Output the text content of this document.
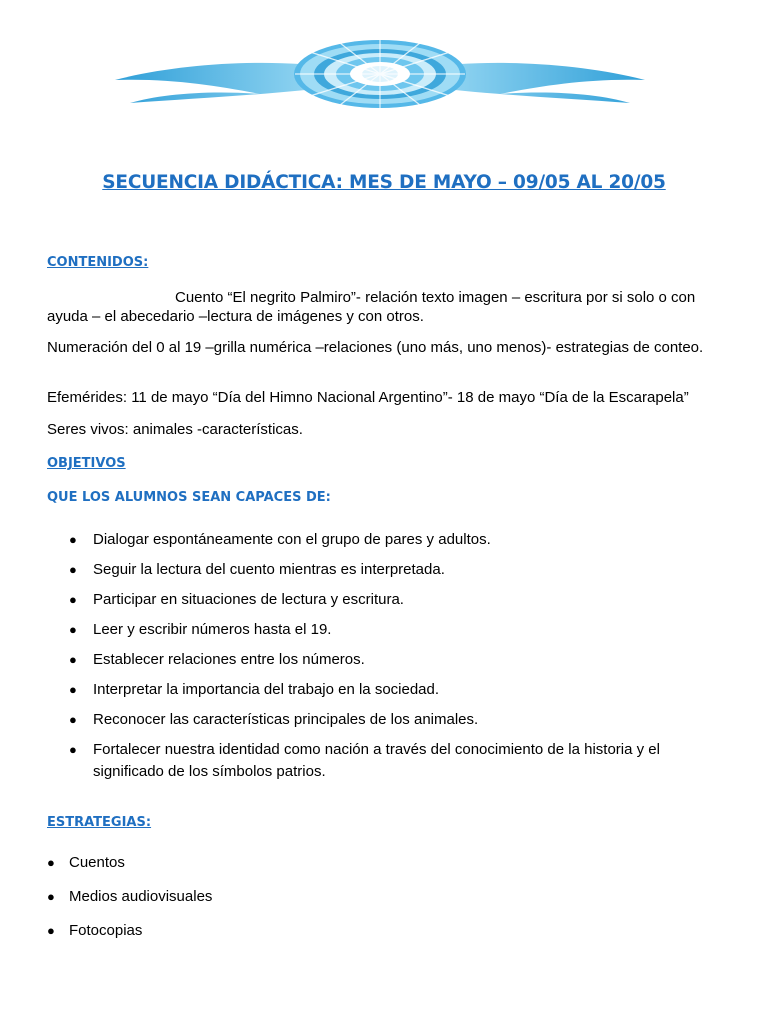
SECUENCIA DIDÁCTICA: MES DE MAYO – 09/05 AL 20/05
CONTENIDOS:
Cuento “El negrito Palmiro”- relación texto imagen – escritura por si solo o con ayuda – el abecedario –lectura de imágenes y con otros.
Numeración del 0 al 19 –grilla numérica –relaciones (uno más, uno menos)- estrategias de conteo.
Efemérides: 11 de mayo “Día del Himno Nacional Argentino”- 18 de mayo “Día de la Escarapela”
Seres vivos: animales -características.
OBJETIVOS
QUE LOS ALUMNOS SEAN CAPACES DE:
● Dialogar espontáneamente con el grupo de pares y adultos.
● Seguir la lectura del cuento mientras es interpretada.
● Participar en situaciones de lectura y escritura.
● Leer y escribir números hasta el 19.
● Establecer relaciones entre los números.
● Interpretar la importancia del trabajo en la sociedad.
● Reconocer las características principales de los animales.
● Fortalecer nuestra identidad como nación a través del conocimiento de la historia y el significado de los símbolos patrios.
ESTRATEGIAS:
● Cuentos
● Medios audiovisuales
● Fotocopias
